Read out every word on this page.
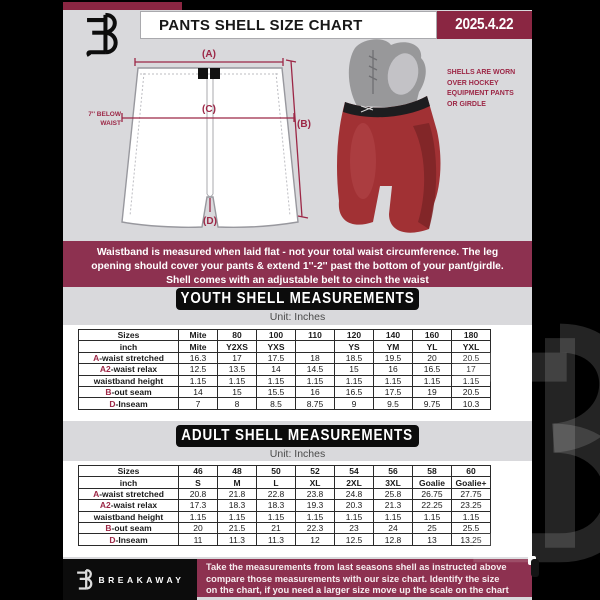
PANTS SHELL SIZE CHART	2025.4.22
(A)
(C)
(B)
(D)
7'' BELOW
WAIST
SHELLS ARE WORN
OVER HOCKEY
EQUIPMENT PANTS
OR GIRDLE
Waistband is measured when laid flat - not your total waist circumference. The leg
opening should cover your pants & extend 1''-2'' past the bottom of your pant/girdle.
Shell comes with an adjustable belt to cinch the waist
YOUTH SHELL MEASUREMENTS
Unit: Inches
Sizes	Mite	80	100	110	120	140	160	180
inch	Mite	Y2XS	YXS		YS	YM	YL	YXL
A-waist stretched	16.3	17	17.5	18	18.5	19.5	20	20.5
A2-waist relax	12.5	13.5	14	14.5	15	16	16.5	17
waistband height	1.15	1.15	1.15	1.15	1.15	1.15	1.15	1.15
B-out seam	14	15	15.5	16	16.5	17.5	19	20.5
D-Inseam	7	8	8.5	8.75	9	9.5	9.75	10.3
ADULT SHELL MEASUREMENTS
Unit: Inches
Sizes	46	48	50	52	54	56	58	60
inch	S	M	L	XL	2XL	3XL	Goalie	Goalie+
A-waist stretched	20.8	21.8	22.8	23.8	24.8	25.8	26.75	27.75
A2-waist relax	17.3	18.3	18.3	19.3	20.3	21.3	22.25	23.25
waistband height	1.15	1.15	1.15	1.15	1.15	1.15	1.15	1.15
B-out seam	20	21.5	21	22.3	23	24	25	25.5
D-Inseam	11	11.3	11.3	12	12.5	12.8	13	13.25
BREAKAWAY
Take the measurements from last seasons shell as instructed above
compare those measurements with our size chart. Identify the size
on the chart, if you need a larger size move up the scale on the chart
